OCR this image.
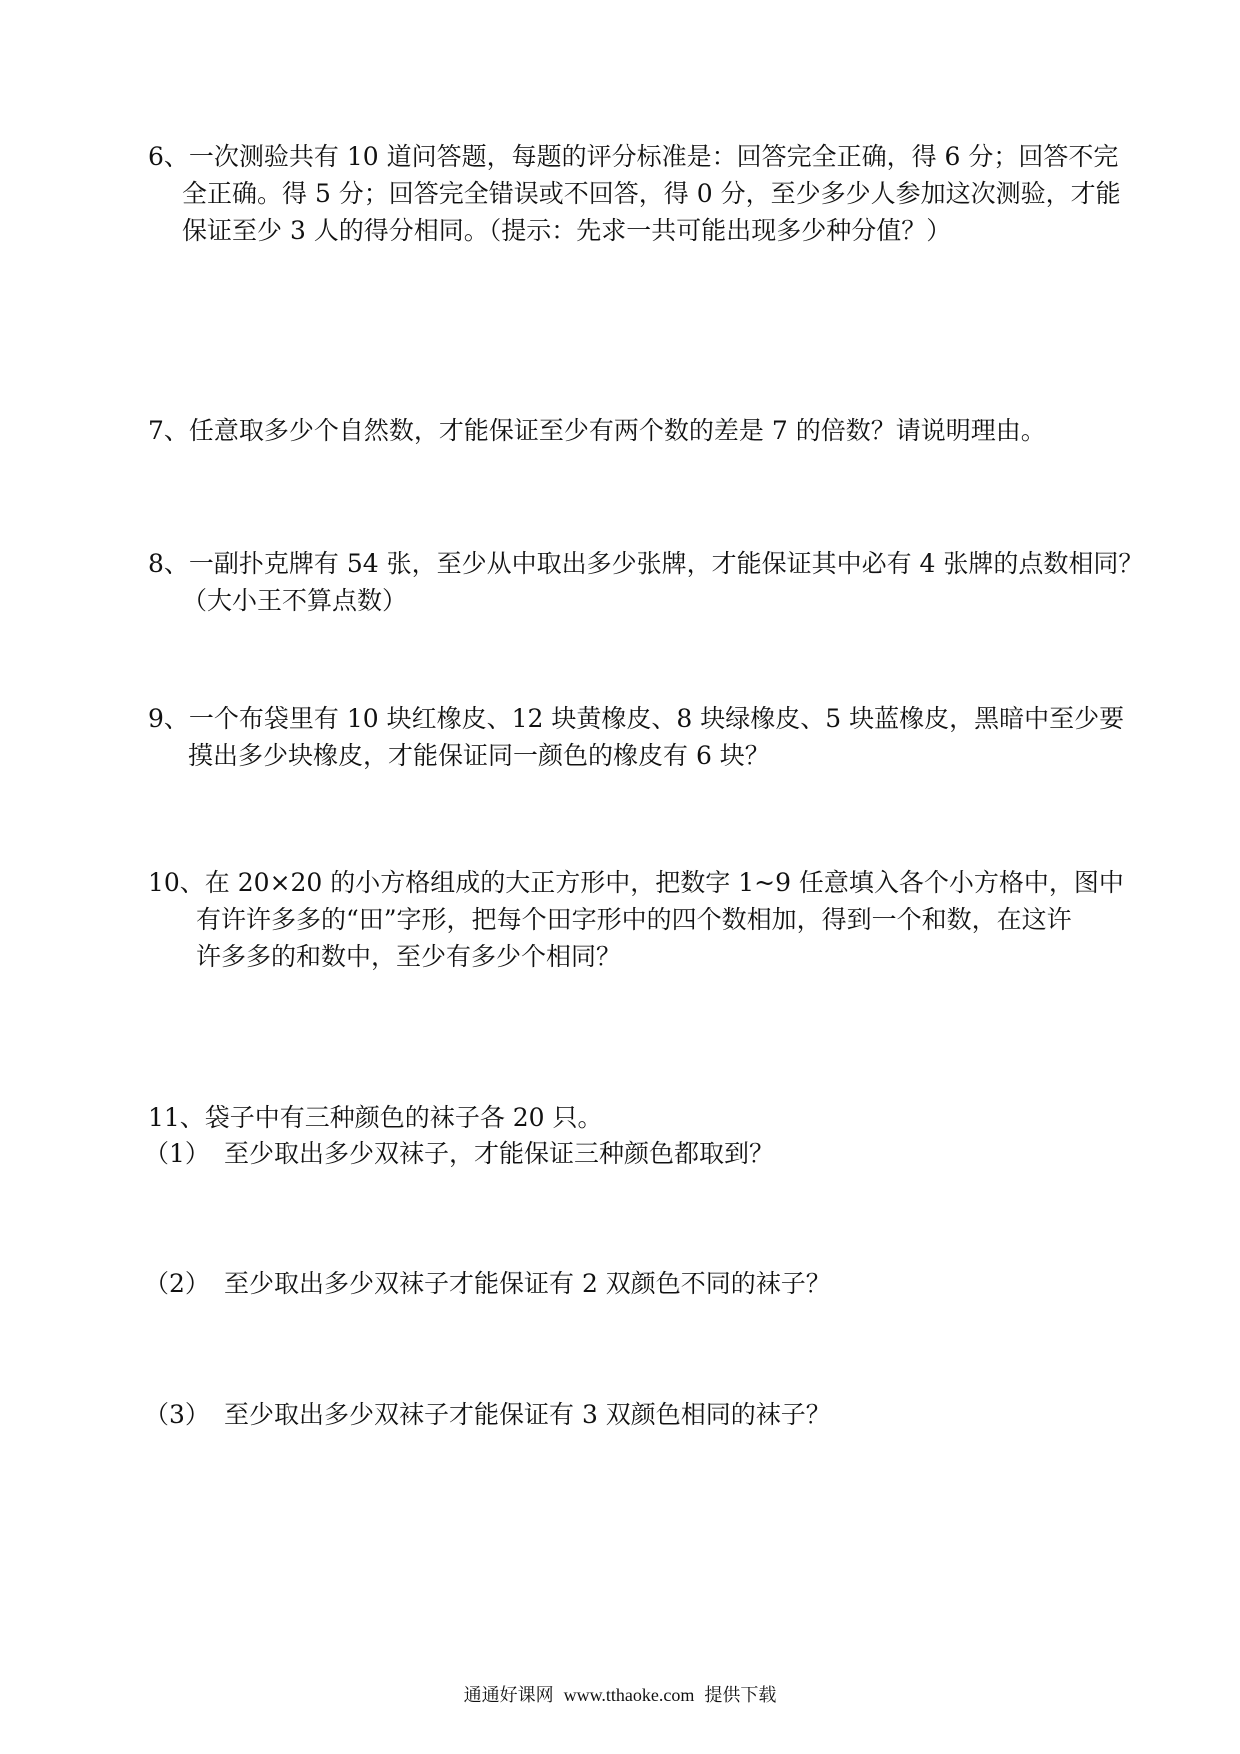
6、一次测验共有 10 道问答题，每题的评分标准是：回答完全正确，得 6 分；回答不完
全正确。得 5 分；回答完全错误或不回答，得 0 分，至少多少人参加这次测验，才能
保证至少 3 人的得分相同。（提示：先求一共可能出现多少种分值？）
7、任意取多少个自然数，才能保证至少有两个数的差是 7 的倍数？请说明理由。
8、一副扑克牌有 54 张，至少从中取出多少张牌，才能保证其中必有 4 张牌的点数相同？
（大小王不算点数）
9、一个布袋里有 10 块红橡皮、12 块黄橡皮、8 块绿橡皮、5 块蓝橡皮，黑暗中至少要
摸出多少块橡皮，才能保证同一颜色的橡皮有 6 块？
10、在 20×20 的小方格组成的大正方形中，把数字 1~9 任意填入各个小方格中，图中
有许许多多的“田”字形，把每个田字形中的四个数相加，得到一个和数，在这许
许多多的和数中，至少有多少个相同？
11、袋子中有三种颜色的袜子各 20 只。
（1） 至少取出多少双袜子，才能保证三种颜色都取到？
（2） 至少取出多少双袜子才能保证有 2 双颜色不同的袜子？
（3） 至少取出多少双袜子才能保证有 3 双颜色相同的袜子？
通通好课网 www.tthaoke.com 提供下载
